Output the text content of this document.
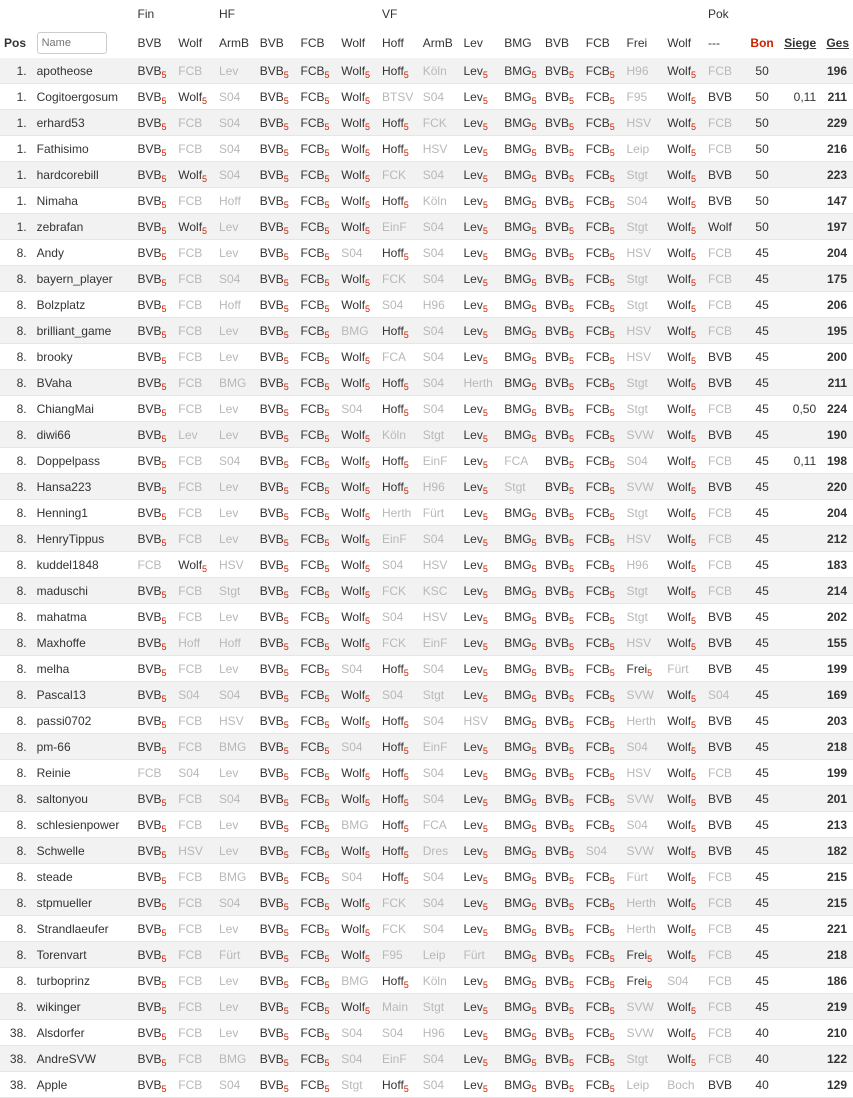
		Fin		HF				VF								Pok			
Pos	Name	BVB	Wolf	ArmB	BVB	FCB	Wolf	Hoff	ArmB	Lev	BMG	BVB	FCB	Frei	Wolf	---	Bon	Siege	Ges
1.	apotheose	$BVB_5$	FCB	Lev	$BVB_5$	$FCB_5$	Wolf$_5$	Hoff$_5$	Köln	Lev$_5$	$BMG_5$	$BVB_5$	$FCB_5$	H96	Wolf$_5$	FCB	50		196
1.	Cogitoergosum	$BVB_5$	Wolf$_5$	S04	$BVB_5$	$FCB_5$	Wolf$_5$	BTSV	S04	Lev$_5$	$BMG_5$	$BVB_5$	$FCB_5$	F95	Wolf$_5$	BVB	50	0,11	211
1.	erhard53	$BVB_5$	FCB	S04	$BVB_5$	$FCB_5$	Wolf$_5$	Hoff$_5$	FCK	Lev$_5$	$BMG_5$	$BVB_5$	$FCB_5$	HSV	Wolf$_5$	FCB	50		229
1.	Fathisimo	$BVB_5$	FCB	S04	$BVB_5$	$FCB_5$	Wolf$_5$	Hoff$_5$	HSV	Lev$_5$	$BMG_5$	$BVB_5$	$FCB_5$	Leip	Wolf$_5$	FCB	50		216
1.	hardcorebill	$BVB_5$	Wolf$_5$	S04	$BVB_5$	$FCB_5$	Wolf$_5$	FCK	S04	Lev$_5$	$BMG_5$	$BVB_5$	$FCB_5$	Stgt	Wolf$_5$	BVB	50		223
1.	Nimaha	$BVB_5$	FCB	Hoff	$BVB_5$	$FCB_5$	Wolf$_5$	Hoff$_5$	Köln	Lev$_5$	$BMG_5$	$BVB_5$	$FCB_5$	S04	Wolf$_5$	BVB	50		147
1.	zebrafan	$BVB_5$	Wolf$_5$	Lev	$BVB_5$	$FCB_5$	Wolf$_5$	EinF	S04	Lev$_5$	$BMG_5$	$BVB_5$	$FCB_5$	Stgt	Wolf$_5$	Wolf	50		197
8.	Andy	$BVB_5$	FCB	Lev	$BVB_5$	$FCB_5$	S04	Hoff$_5$	S04	Lev$_5$	$BMG_5$	$BVB_5$	$FCB_5$	HSV	Wolf$_5$	FCB	45		204
8.	bayern_player	$BVB_5$	FCB	S04	$BVB_5$	$FCB_5$	Wolf$_5$	FCK	S04	Lev$_5$	$BMG_5$	$BVB_5$	$FCB_5$	Stgt	Wolf$_5$	FCB	45		175
8.	Bolzplatz	$BVB_5$	FCB	Hoff	$BVB_5$	$FCB_5$	Wolf$_5$	S04	H96	Lev$_5$	$BMG_5$	$BVB_5$	$FCB_5$	Stgt	Wolf$_5$	FCB	45		206
8.	brilliant_game	$BVB_5$	FCB	Lev	$BVB_5$	$FCB_5$	BMG	Hoff$_5$	S04	Lev$_5$	$BMG_5$	$BVB_5$	$FCB_5$	HSV	Wolf$_5$	FCB	45		195
8.	brooky	$BVB_5$	FCB	Lev	$BVB_5$	$FCB_5$	Wolf$_5$	FCA	S04	Lev$_5$	$BMG_5$	$BVB_5$	$FCB_5$	HSV	Wolf$_5$	BVB	45		200
8.	BVaha	$BVB_5$	FCB	BMG	$BVB_5$	$FCB_5$	Wolf$_5$	Hoff$_5$	S04	Herth	$BMG_5$	$BVB_5$	$FCB_5$	Stgt	Wolf$_5$	BVB	45		211
8.	ChiangMai	$BVB_5$	FCB	Lev	$BVB_5$	$FCB_5$	S04	Hoff$_5$	S04	Lev$_5$	$BMG_5$	$BVB_5$	$FCB_5$	Stgt	Wolf$_5$	FCB	45	0,50	224
8.	diwi66	$BVB_5$	Lev	Lev	$BVB_5$	$FCB_5$	Wolf$_5$	Köln	Stgt	Lev$_5$	$BMG_5$	$BVB_5$	$FCB_5$	SVW	Wolf$_5$	BVB	45		190
8.	Doppelpass	$BVB_5$	FCB	S04	$BVB_5$	$FCB_5$	Wolf$_5$	Hoff$_5$	EinF	Lev$_5$	FCA	$BVB_5$	$FCB_5$	S04	Wolf$_5$	FCB	45	0,11	198
8.	Hansa223	$BVB_5$	FCB	Lev	$BVB_5$	$FCB_5$	Wolf$_5$	Hoff$_5$	H96	Lev$_5$	Stgt	$BVB_5$	$FCB_5$	SVW	Wolf$_5$	BVB	45		220
8.	Henning1	$BVB_5$	FCB	Lev	$BVB_5$	$FCB_5$	Wolf$_5$	Herth	Fürt	Lev$_5$	$BMG_5$	$BVB_5$	$FCB_5$	Stgt	Wolf$_5$	FCB	45		204
8.	HenryTippus	$BVB_5$	FCB	Lev	$BVB_5$	$FCB_5$	Wolf$_5$	EinF	S04	Lev$_5$	$BMG_5$	$BVB_5$	$FCB_5$	HSV	Wolf$_5$	FCB	45		212
8.	kuddel1848	FCB	Wolf$_5$	HSV	$BVB_5$	$FCB_5$	Wolf$_5$	S04	HSV	Lev$_5$	$BMG_5$	$BVB_5$	$FCB_5$	H96	Wolf$_5$	FCB	45		183
8.	maduschi	$BVB_5$	FCB	Stgt	$BVB_5$	$FCB_5$	Wolf$_5$	FCK	KSC	Lev$_5$	$BMG_5$	$BVB_5$	$FCB_5$	Stgt	Wolf$_5$	FCB	45		214
8.	mahatma	$BVB_5$	FCB	Lev	$BVB_5$	$FCB_5$	Wolf$_5$	S04	HSV	Lev$_5$	$BMG_5$	$BVB_5$	$FCB_5$	Stgt	Wolf$_5$	BVB	45		202
8.	Maxhoffe	$BVB_5$	Hoff	Hoff	$BVB_5$	$FCB_5$	Wolf$_5$	FCK	EinF	Lev$_5$	$BMG_5$	$BVB_5$	$FCB_5$	HSV	Wolf$_5$	BVB	45		155
8.	melha	$BVB_5$	FCB	Lev	$BVB_5$	$FCB_5$	S04	Hoff$_5$	S04	Lev$_5$	$BMG_5$	$BVB_5$	$FCB_5$	Frei$_5$	Fürt	BVB	45		199
8.	Pascal13	$BVB_5$	S04	S04	$BVB_5$	$FCB_5$	Wolf$_5$	S04	Stgt	Lev$_5$	$BMG_5$	$BVB_5$	$FCB_5$	SVW	Wolf$_5$	S04	45		169
8.	passi0702	$BVB_5$	FCB	HSV	$BVB_5$	$FCB_5$	Wolf$_5$	Hoff$_5$	S04	HSV	$BMG_5$	$BVB_5$	$FCB_5$	Herth	Wolf$_5$	BVB	45		203
8.	pm-66	$BVB_5$	FCB	BMG	$BVB_5$	$FCB_5$	S04	Hoff$_5$	EinF	Lev$_5$	$BMG_5$	$BVB_5$	$FCB_5$	S04	Wolf$_5$	BVB	45		218
8.	Reinie	FCB	S04	Lev	$BVB_5$	$FCB_5$	Wolf$_5$	Hoff$_5$	S04	Lev$_5$	$BMG_5$	$BVB_5$	$FCB_5$	HSV	Wolf$_5$	FCB	45		199
8.	saltonyou	$BVB_5$	FCB	S04	$BVB_5$	$FCB_5$	Wolf$_5$	Hoff$_5$	S04	Lev$_5$	$BMG_5$	$BVB_5$	$FCB_5$	SVW	Wolf$_5$	BVB	45		201
8.	schlesienpower	$BVB_5$	FCB	Lev	$BVB_5$	$FCB_5$	BMG	Hoff$_5$	FCA	Lev$_5$	$BMG_5$	$BVB_5$	$FCB_5$	S04	Wolf$_5$	BVB	45		213
8.	Schwelle	$BVB_5$	HSV	Lev	$BVB_5$	$FCB_5$	Wolf$_5$	Hoff$_5$	Dres	Lev$_5$	$BMG_5$	$BVB_5$	S04	SVW	Wolf$_5$	BVB	45		182
8.	steade	$BVB_5$	FCB	BMG	$BVB_5$	$FCB_5$	S04	Hoff$_5$	S04	Lev$_5$	$BMG_5$	$BVB_5$	$FCB_5$	Fürt	Wolf$_5$	FCB	45		215
8.	stpmueller	$BVB_5$	FCB	S04	$BVB_5$	$FCB_5$	Wolf$_5$	FCK	S04	Lev$_5$	$BMG_5$	$BVB_5$	$FCB_5$	Herth	Wolf$_5$	FCB	45		215
8.	Strandlaeufer	$BVB_5$	FCB	Lev	$BVB_5$	$FCB_5$	Wolf$_5$	FCK	S04	Lev$_5$	$BMG_5$	$BVB_5$	$FCB_5$	Herth	Wolf$_5$	FCB	45		221
8.	Torenvart	$BVB_5$	FCB	Fürt	$BVB_5$	$FCB_5$	Wolf$_5$	F95	Leip	Fürt	$BMG_5$	$BVB_5$	$FCB_5$	Frei$_5$	Wolf$_5$	FCB	45		218
8.	turboprinz	$BVB_5$	FCB	Lev	$BVB_5$	$FCB_5$	BMG	Hoff$_5$	Köln	Lev$_5$	$BMG_5$	$BVB_5$	$FCB_5$	Frei$_5$	S04	FCB	45		186
8.	wikinger	$BVB_5$	FCB	Lev	$BVB_5$	$FCB_5$	Wolf$_5$	Main	Stgt	Lev$_5$	$BMG_5$	$BVB_5$	$FCB_5$	SVW	Wolf$_5$	FCB	45		219
38.	Alsdorfer	$BVB_5$	FCB	Lev	$BVB_5$	$FCB_5$	S04	S04	H96	Lev$_5$	$BMG_5$	$BVB_5$	$FCB_5$	SVW	Wolf$_5$	FCB	40		210
38.	AndreSVW	$BVB_5$	FCB	BMG	$BVB_5$	$FCB_5$	S04	EinF	S04	Lev$_5$	$BMG_5$	$BVB_5$	$FCB_5$	Stgt	Wolf$_5$	FCB	40		122
38.	Apple	$BVB_5$	FCB	S04	$BVB_5$	$FCB_5$	Stgt	Hoff$_5$	S04	Lev$_5$	$BMG_5$	$BVB_5$	$FCB_5$	Leip	Boch	BVB	40		129
